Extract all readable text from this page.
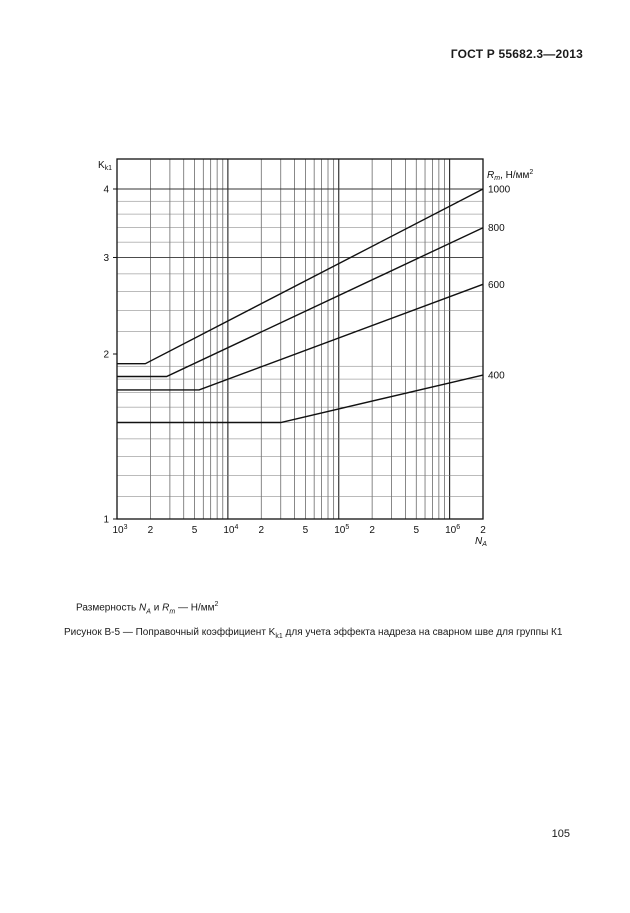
ГОСТ Р 55682.3—2013
1
2
3
4
$10^3$ 2	5	$10^4$ 2	5	$10^5$ 2	5	$10^6$ 2
$K_{k1}$
$N_A$
$R_m$, $Н/мм^2$
1000
800
600
400
Размерность $N_A$ и $R_m$ — $Н/мм^2$
Рисунок В-5 — Поправочный коэффициент $K_{k1}$ для учета эффекта надреза на сварном шве для группы К1
105
